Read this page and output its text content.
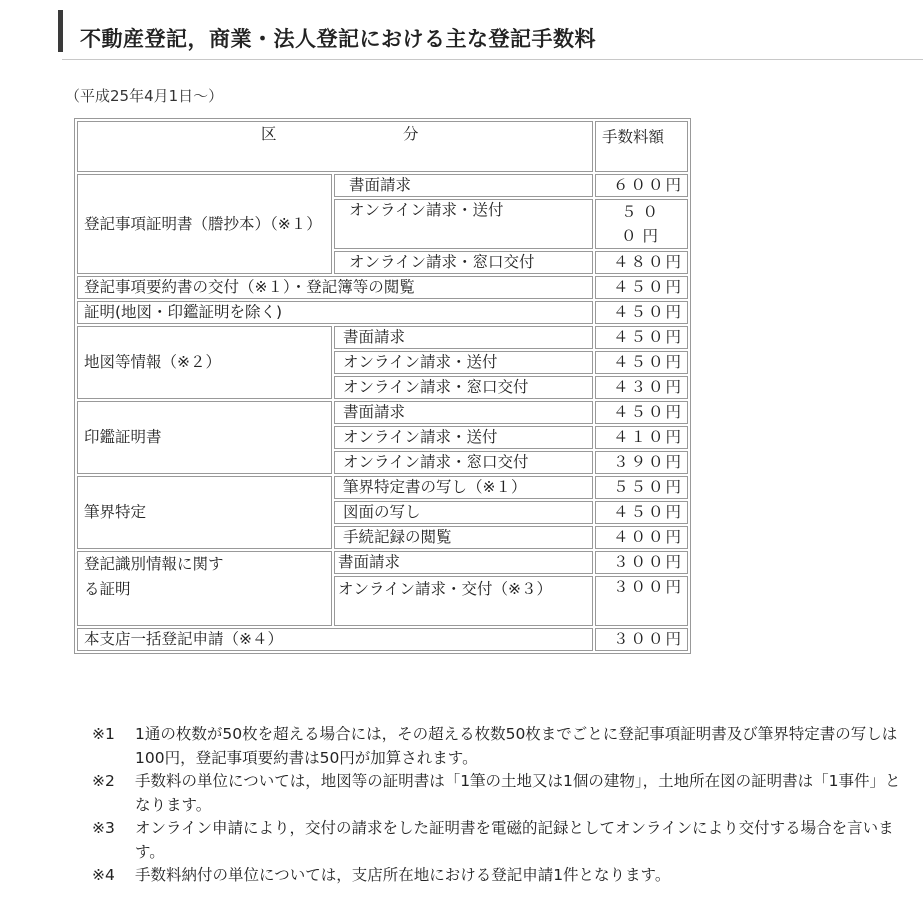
不動産登記，商業・法人登記における主な登記手数料
（平成25年4月1日～）
区 分		手数料額
登記事項証明書（謄抄本）（※１）	書面請求	６００円
	オンライン請求・送付	５００円

	オンライン請求・窓口交付	４８０円
登記事項要約書の交付（※１）・登記簿等の閲覧		４５０円
証明(地図・印鑑証明を除く)		４５０円
地図等情報（※２）	書面請求	４５０円
	オンライン請求・送付	４５０円
	オンライン請求・窓口交付	４３０円
印鑑証明書	書面請求	４５０円
	オンライン請求・送付	４１０円
	オンライン請求・窓口交付	３９０円
筆界特定	筆界特定書の写し（※１）	５５０円
	図面の写し	４５０円
	手続記録の閲覧	４００円

登記識別情報に関する証明	書面請求	３００円
	オンライン請求・交付（※３）	３００円
本支店一括登記申請（※４）		３００円

※1 1通の枚数が50枚を超える場合には，その超える枚数50枚までごとに登記事項証明書及び筆界特定書の写しは100円，登記事項要約書は50円が加算されます。

※2 手数料の単位については，地図等の証明書は「1筆の土地又は1個の建物」，土地所在図の証明書は「1事件」となります。

※3 オンライン申請により，交付の請求をした証明書を電磁的記録としてオンラインにより交付する場合を言います。

※4 手数料納付の単位については，支店所在地における登記申請1件となります。
